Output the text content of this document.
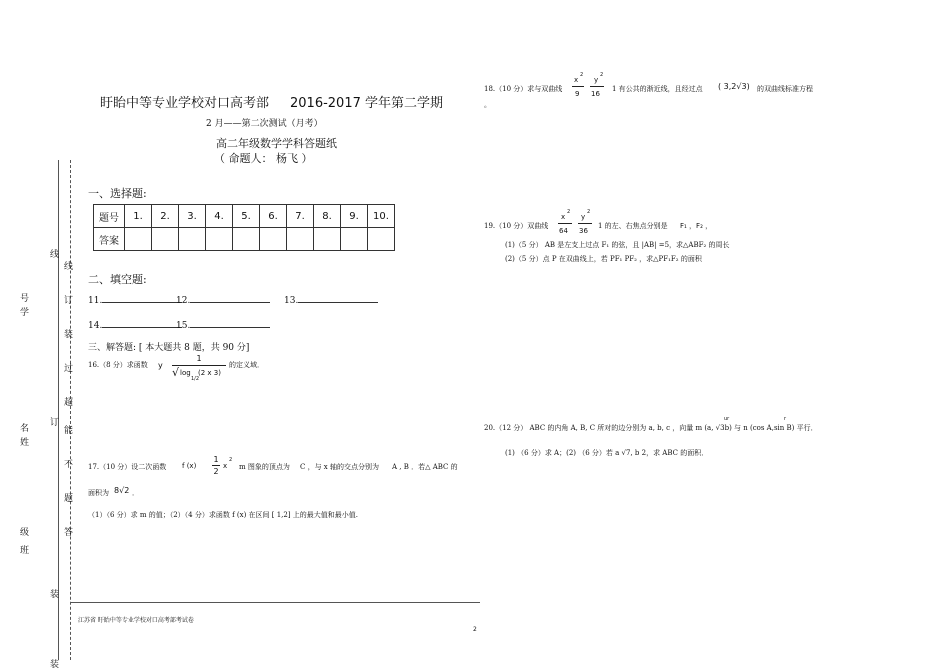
号
学
名
姓
级
班
线
订
装
线
订
装
过
超
能
不
题
答
装
盱眙中等专业学校对口高考部 2016-2017 学年第二学期
2 月——第二次测试（月考）
高二年级数学学科答题纸
（ 命题人： 杨飞 ）
一、选择题:
题号	1.	2.	3.	4.	5.	6.	7.	8.	9.	10.
答案										
二、填空题:
11.	12.	13.
14.	15.
三、解答题: [ 本大题共 8 题，共 90 分]
16.（8 分）求函数 y
1
√ log
1/2
(2 x 3)
的定义域．
17.（10 分）设二次函数 f (x)
1
2
x
2
m 图象的顶点为 C ，与 x 轴的交点分别为 A , B ．若△ ABC 的
面积为 8√2 ．
（1）（6 分）求 m 的值；（2）（4 分）求函数 f (x) 在区间 [ 1,2] 上的最大值和最小值.
江苏省 盱眙中等专业学校对口高考部考试卷
2
18.（10 分）求与双曲线
x
2
9
y
2
16
1 有公共的渐近线，且经过点 ( 3,2√3) 的双曲线标准方程
。
19.（10 分）双曲线
x
2
64
y
2
36
1 的左、右焦点分别是 F₁ ，F₂ ，
(1)（5 分） AB 是左支上过点 F₁ 的弦，且 |AB| =5，求△ABF₂ 的周长
(2)（5 分）点 P 在双曲线上，若 PF₁ PF₂ ，求△PF₁F₂ 的面积
ur	r
20.（12 分） ABC 的内角 A, B, C 所对的边分别为 a, b, c ，向量 m (a, √3b) 与 n (cos A,sin B) 平行．
(1) （6 分）求 A；(2) （6 分）若 a √7, b 2，求 ABC 的面积．
